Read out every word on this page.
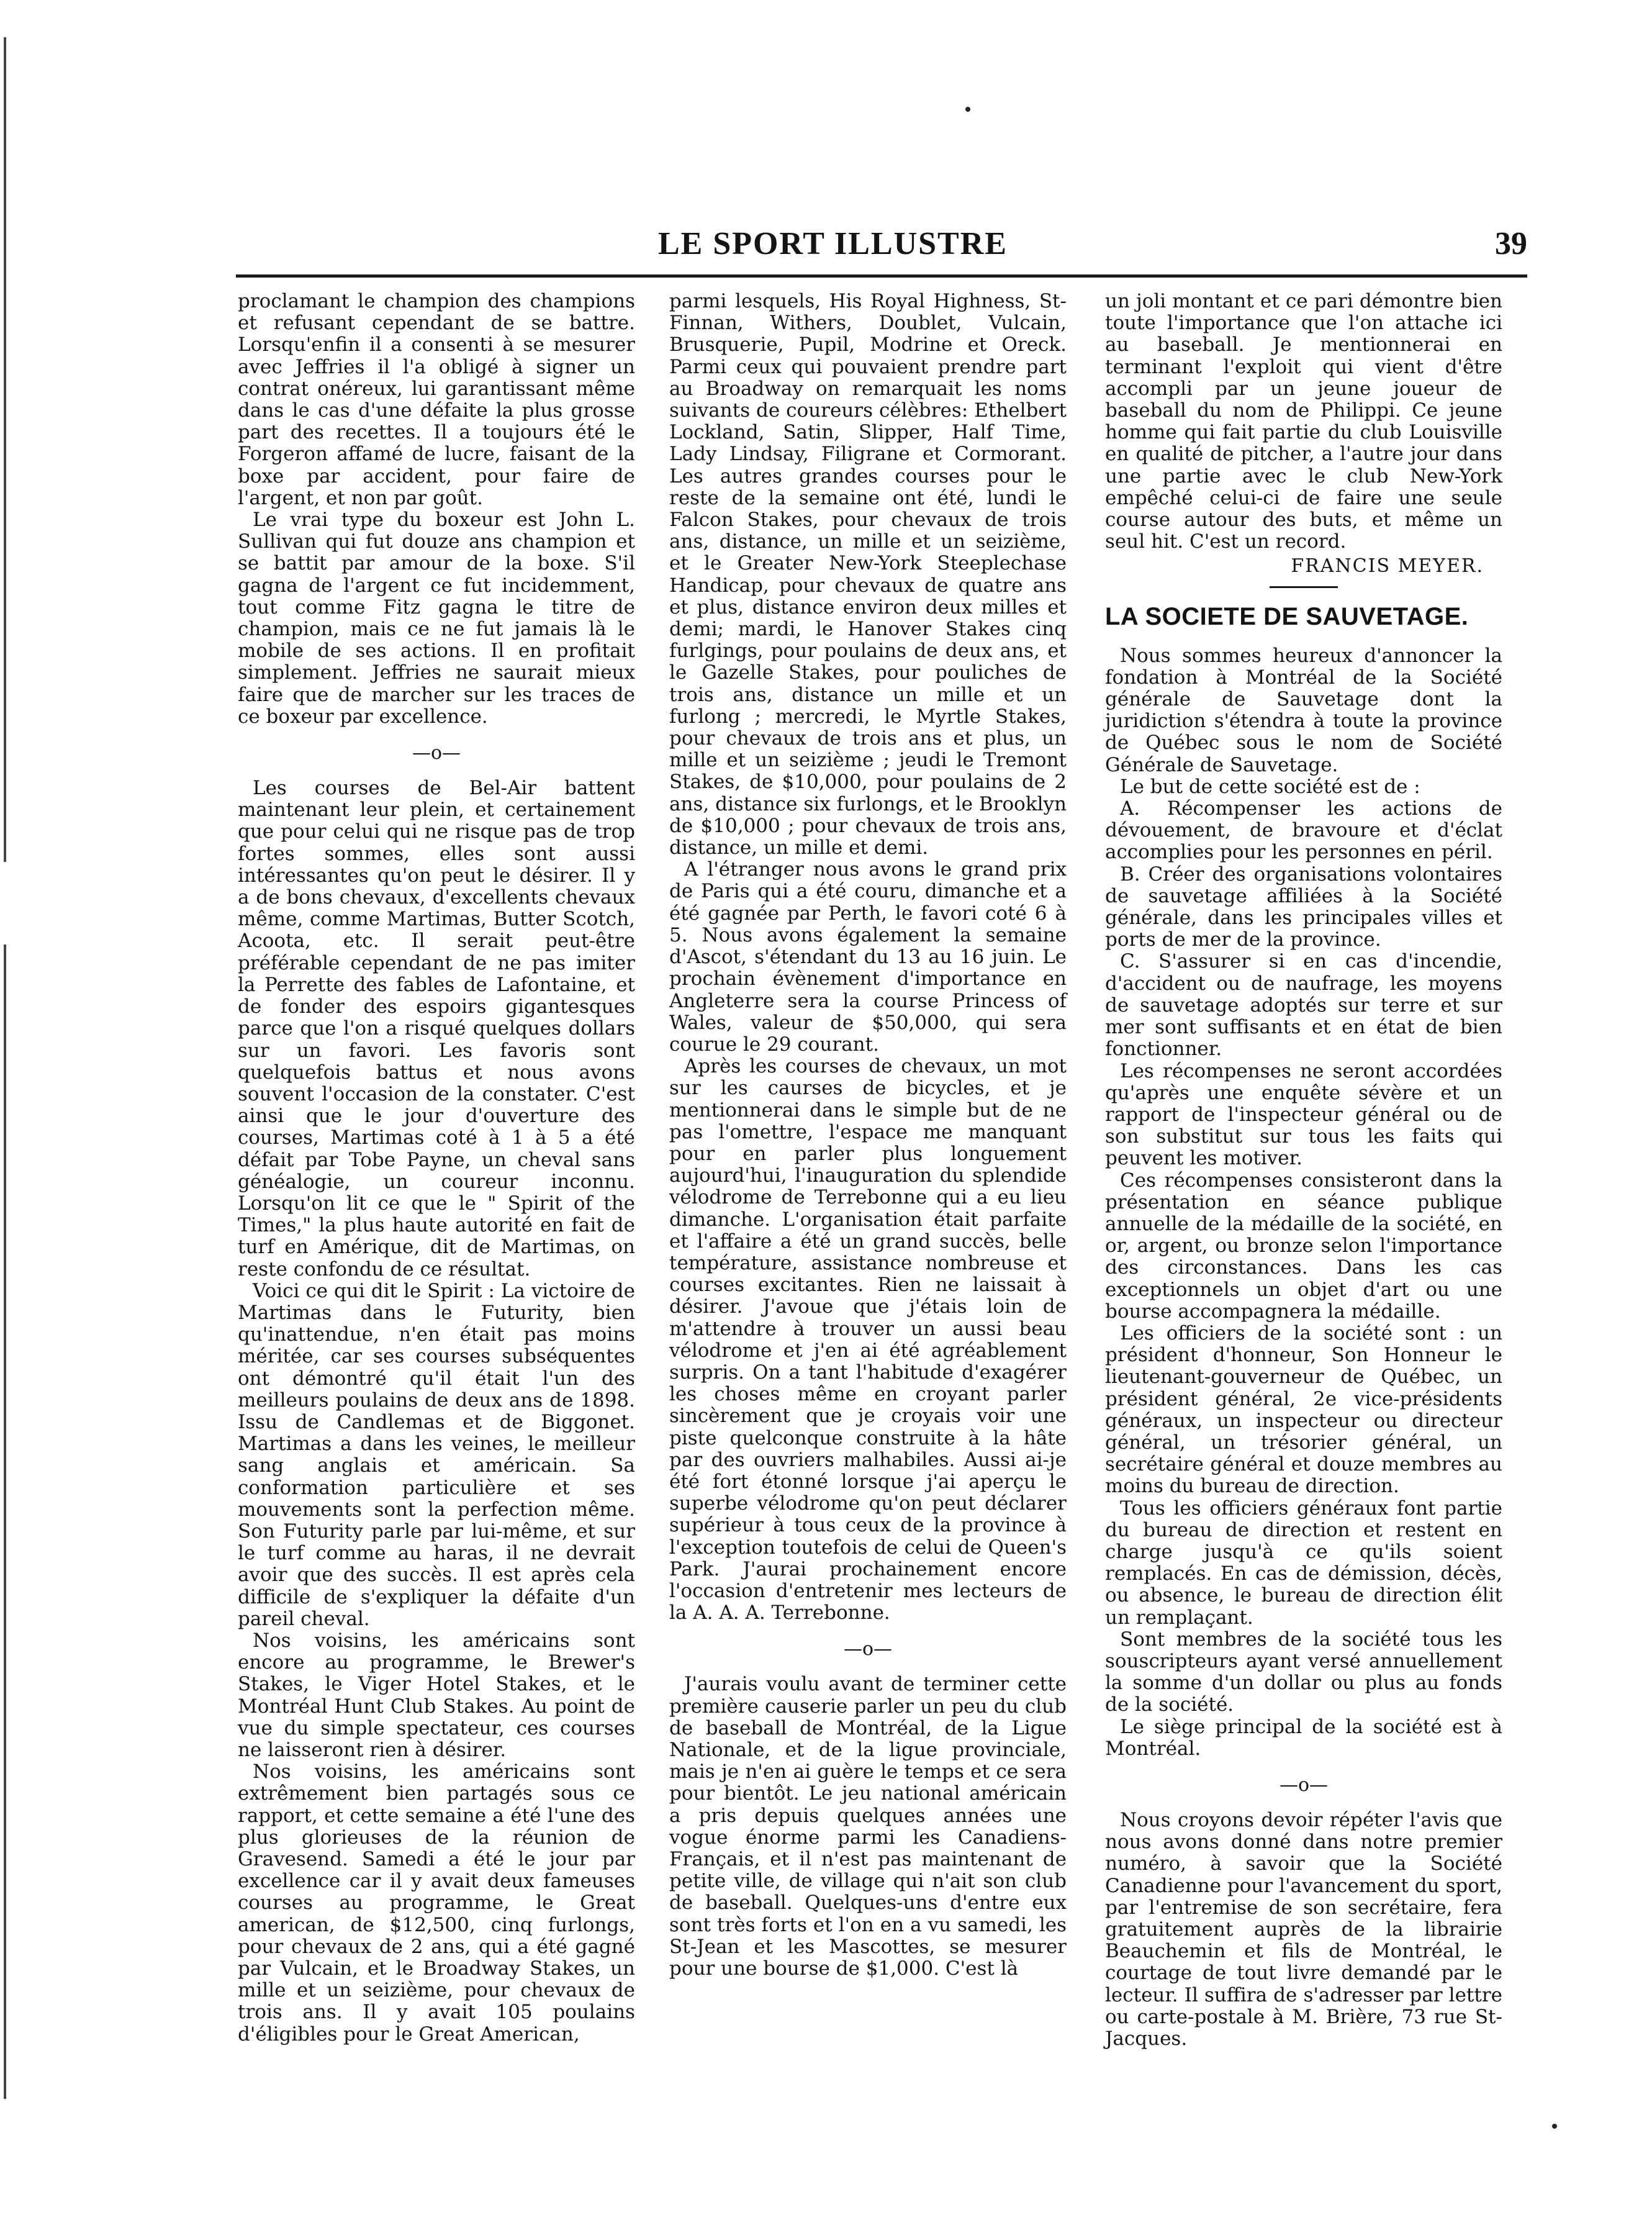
LE SPORT ILLUSTRE	39

proclamant le champion des champions et refusant cependant de se battre. Lorsqu'enfin il a consenti à se mesurer avec Jeffries il l'a obligé à signer un contrat onéreux, lui garantissant même dans le cas d'une défaite la plus grosse part des recettes. Il a toujours été le Forgeron affamé de lucre, faisant de la boxe par accident, pour faire de l'argent, et non par goût.

Le vrai type du boxeur est John L. Sullivan qui fut douze ans champion et se battit par amour de la boxe. S'il gagna de l'argent ce fut incidemment, tout comme Fitz gagna le titre de champion, mais ce ne fut jamais là le mobile de ses actions. Il en profitait simplement. Jeffries ne saurait mieux faire que de marcher sur les traces de ce boxeur par excellence.

—o—

Les courses de Bel-Air battent maintenant leur plein, et certainement que pour celui qui ne risque pas de trop fortes sommes, elles sont aussi intéressantes qu'on peut le désirer. Il y a de bons chevaux, d'excellents chevaux même, comme Martimas, Butter Scotch, Acoota, etc. Il serait peut-être préférable cependant de ne pas imiter la Perrette des fables de Lafontaine, et de fonder des espoirs gigantesques parce que l'on a risqué quelques dollars sur un favori. Les favoris sont quelquefois battus et nous avons souvent l'occasion de la constater. C'est ainsi que le jour d'ouverture des courses, Martimas coté à 1 à 5 a été défait par Tobe Payne, un cheval sans généalogie, un coureur inconnu. Lorsqu'on lit ce que le " Spirit of the Times," la plus haute autorité en fait de turf en Amérique, dit de Martimas, on reste confondu de ce résultat.

Voici ce qui dit le Spirit : La victoire de Martimas dans le Futurity, bien qu'inattendue, n'en était pas moins méritée, car ses courses subséquentes ont démontré qu'il était l'un des meilleurs poulains de deux ans de 1898. Issu de Candlemas et de Biggonet. Martimas a dans les veines, le meilleur sang anglais et américain. Sa conformation particulière et ses mouvements sont la perfection même. Son Futurity parle par lui-même, et sur le turf comme au haras, il ne devrait avoir que des succès. Il est après cela difficile de s'expliquer la défaite d'un pareil cheval.

Nos voisins, les américains sont encore au programme, le Brewer's Stakes, le Viger Hotel Stakes, et le Montréal Hunt Club Stakes. Au point de vue du simple spectateur, ces courses ne laisseront rien à désirer.

Nos voisins, les américains sont extrêmement bien partagés sous ce rapport, et cette semaine a été l'une des plus glorieuses de la réunion de Gravesend. Samedi a été le jour par excellence car il y avait deux fameuses courses au programme, le Great american, de $12,500, cinq furlongs, pour chevaux de 2 ans, qui a été gagné par Vulcain, et le Broadway Stakes, un mille et un seizième, pour chevaux de trois ans. Il y avait 105 poulains d'éligibles pour le Great American,

parmi lesquels, His Royal Highness, St-Finnan, Withers, Doublet, Vulcain, Brusquerie, Pupil, Modrine et Oreck. Parmi ceux qui pouvaient prendre part au Broadway on remarquait les noms suivants de coureurs célèbres: Ethelbert Lockland, Satin, Slipper, Half Time, Lady Lindsay, Filigrane et Cormorant. Les autres grandes courses pour le reste de la semaine ont été, lundi le Falcon Stakes, pour chevaux de trois ans, distance, un mille et un seizième, et le Greater New-York Steeplechase Handicap, pour chevaux de quatre ans et plus, distance environ deux milles et demi; mardi, le Hanover Stakes cinq furlgings, pour poulains de deux ans, et le Gazelle Stakes, pour pouliches de trois ans, distance un mille et un furlong ; mercredi, le Myrtle Stakes, pour chevaux de trois ans et plus, un mille et un seizième ; jeudi le Tremont Stakes, de $10,000, pour poulains de 2 ans, distance six furlongs, et le Brooklyn de $10,000 ; pour chevaux de trois ans, distance, un mille et demi.

A l'étranger nous avons le grand prix de Paris qui a été couru, dimanche et a été gagnée par Perth, le favori coté 6 à 5. Nous avons également la semaine d'Ascot, s'étendant du 13 au 16 juin. Le prochain évènement d'importance en Angleterre sera la course Princess of Wales, valeur de $50,000, qui sera courue le 29 courant.

Après les courses de chevaux, un mot sur les caurses de bicycles, et je mentionnerai dans le simple but de ne pas l'omettre, l'espace me manquant pour en parler plus longuement aujourd'hui, l'inauguration du splendide vélodrome de Terrebonne qui a eu lieu dimanche. L'organisation était parfaite et l'affaire a été un grand succès, belle température, assistance nombreuse et courses excitantes. Rien ne laissait à désirer. J'avoue que j'étais loin de m'attendre à trouver un aussi beau vélodrome et j'en ai été agréablement surpris. On a tant l'habitude d'exagérer les choses même en croyant parler sincèrement que je croyais voir une piste quelconque construite à la hâte par des ouvriers malhabiles. Aussi ai-je été fort étonné lorsque j'ai aperçu le superbe vélodrome qu'on peut déclarer supérieur à tous ceux de la province à l'exception toutefois de celui de Queen's Park. J'aurai prochainement encore l'occasion d'entretenir mes lecteurs de la A. A. A. Terrebonne.

—o—

J'aurais voulu avant de terminer cette première causerie parler un peu du club de baseball de Montréal, de la Ligue Nationale, et de la ligue provinciale, mais je n'en ai guère le temps et ce sera pour bientôt. Le jeu national américain a pris depuis quelques années une vogue énorme parmi les Canadiens-Français, et il n'est pas maintenant de petite ville, de village qui n'ait son club de baseball. Quelques-uns d'entre eux sont très forts et l'on en a vu samedi, les St-Jean et les Mascottes, se mesurer pour une bourse de $1,000. C'est là

un joli montant et ce pari démontre bien toute l'importance que l'on attache ici au baseball. Je mentionnerai en terminant l'exploit qui vient d'être accompli par un jeune joueur de baseball du nom de Philippi. Ce jeune homme qui fait partie du club Louisville en qualité de pitcher, a l'autre jour dans une partie avec le club New-York empêché celui-ci de faire une seule course autour des buts, et même un seul hit. C'est un record.

FRANCIS MEYER.
LA SOCIETE DE SAUVETAGE.

Nous sommes heureux d'annoncer la fondation à Montréal de la Société générale de Sauvetage dont la juridiction s'étendra à toute la province de Québec sous le nom de Société Générale de Sauvetage.

Le but de cette société est de :

A. Récompenser les actions de dévouement, de bravoure et d'éclat accomplies pour les personnes en péril.

B. Créer des organisations volontaires de sauvetage affiliées à la Société générale, dans les principales villes et ports de mer de la province.

C. S'assurer si en cas d'incendie, d'accident ou de naufrage, les moyens de sauvetage adoptés sur terre et sur mer sont suffisants et en état de bien fonctionner.

Les récompenses ne seront accordées qu'après une enquête sévère et un rapport de l'inspecteur général ou de son substitut sur tous les faits qui peuvent les motiver.

Ces récompenses consisteront dans la présentation en séance publique annuelle de la médaille de la société, en or, argent, ou bronze selon l'importance des circonstances. Dans les cas exceptionnels un objet d'art ou une bourse accompagnera la médaille.

Les officiers de la société sont : un président d'honneur, Son Honneur le lieutenant-gouverneur de Québec, un président général, 2e vice-présidents généraux, un inspecteur ou directeur général, un trésorier général, un secrétaire général et douze membres au moins du bureau de direction.

Tous les officiers généraux font partie du bureau de direction et restent en charge jusqu'à ce qu'ils soient remplacés. En cas de démission, décès, ou absence, le bureau de direction élit un remplaçant.

Sont membres de la société tous les souscripteurs ayant versé annuellement la somme d'un dollar ou plus au fonds de la société.

Le siège principal de la société est à Montréal.

—o—

Nous croyons devoir répéter l'avis que nous avons donné dans notre premier numéro, à savoir que la Société Canadienne pour l'avancement du sport, par l'entremise de son secrétaire, fera gratuitement auprès de la librairie Beauchemin et fils de Montréal, le courtage de tout livre demandé par le lecteur. Il suffira de s'adresser par lettre ou carte-postale à M. Brière, 73 rue St-Jacques.
